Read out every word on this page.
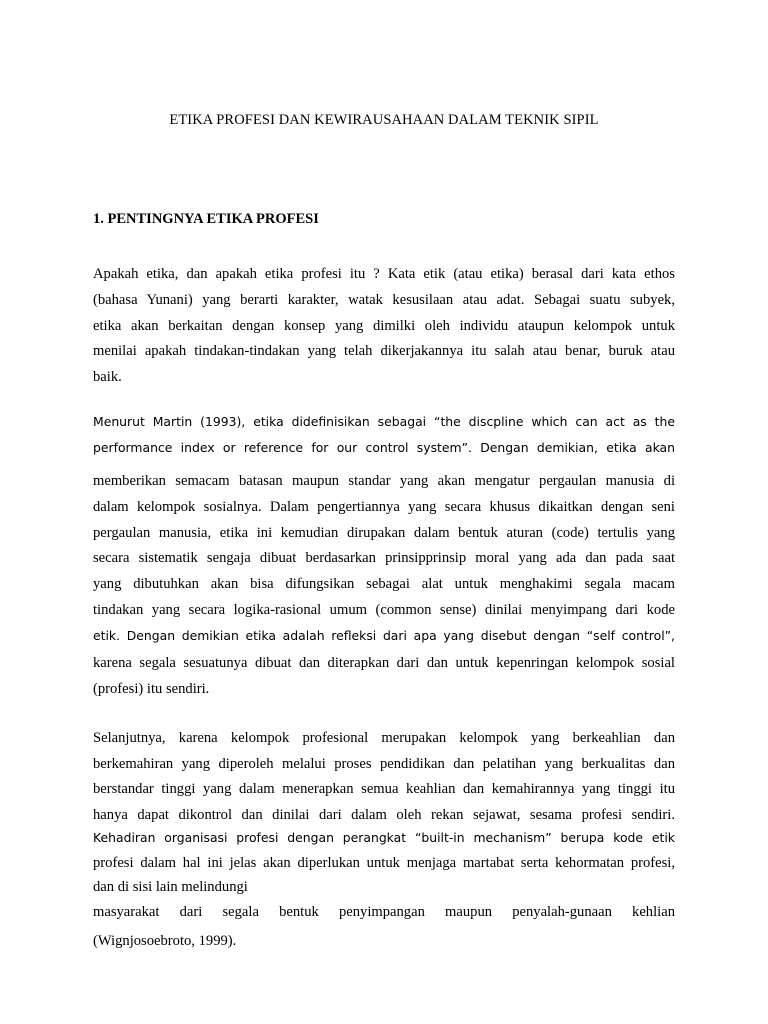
ETIKA PROFESI DAN KEWIRAUSAHAAN DALAM TEKNIK SIPIL
1. PENTINGNYA ETIKA PROFESI
Apakah etika, dan apakah etika profesi itu ? Kata etik (atau etika) berasal dari kata ethos
(bahasa Yunani) yang berarti karakter, watak kesusilaan atau adat. Sebagai suatu subyek,
etika akan berkaitan dengan konsep yang dimilki oleh individu ataupun kelompok untuk
menilai apakah tindakan-tindakan yang telah dikerjakannya itu salah atau benar, buruk atau
baik.
Menurut Martin (1993), etika didefinisikan sebagai “the discpline which can act as the
performance index or reference for our control system”. Dengan demikian, etika akan
memberikan semacam batasan maupun standar yang akan mengatur pergaulan manusia di
dalam kelompok sosialnya. Dalam pengertiannya yang secara khusus dikaitkan dengan seni
pergaulan manusia, etika ini kemudian dirupakan dalam bentuk aturan (code) tertulis yang
secara sistematik sengaja dibuat berdasarkan prinsipprinsip moral yang ada dan pada saat
yang dibutuhkan akan bisa difungsikan sebagai alat untuk menghakimi segala macam
tindakan yang secara logika-rasional umum (common sense) dinilai menyimpang dari kode
etik. Dengan demikian etika adalah refleksi dari apa yang disebut dengan “self control”,
karena segala sesuatunya dibuat dan diterapkan dari dan untuk kepenringan kelompok sosial
(profesi) itu sendiri.
Selanjutnya, karena kelompok profesional merupakan kelompok yang berkeahlian dan
berkemahiran yang diperoleh melalui proses pendidikan dan pelatihan yang berkualitas dan
berstandar tinggi yang dalam menerapkan semua keahlian dan kemahirannya yang tinggi itu
hanya dapat dikontrol dan dinilai dari dalam oleh rekan sejawat, sesama profesi sendiri.
Kehadiran organisasi profesi dengan perangkat “built-in mechanism” berupa kode etik
profesi dalam hal ini jelas akan diperlukan untuk menjaga martabat serta kehormatan profesi,
dan di sisi lain melindungi
masyarakat dari segala bentuk penyimpangan maupun penyalah-gunaan kehlian
(Wignjosoebroto, 1999).
